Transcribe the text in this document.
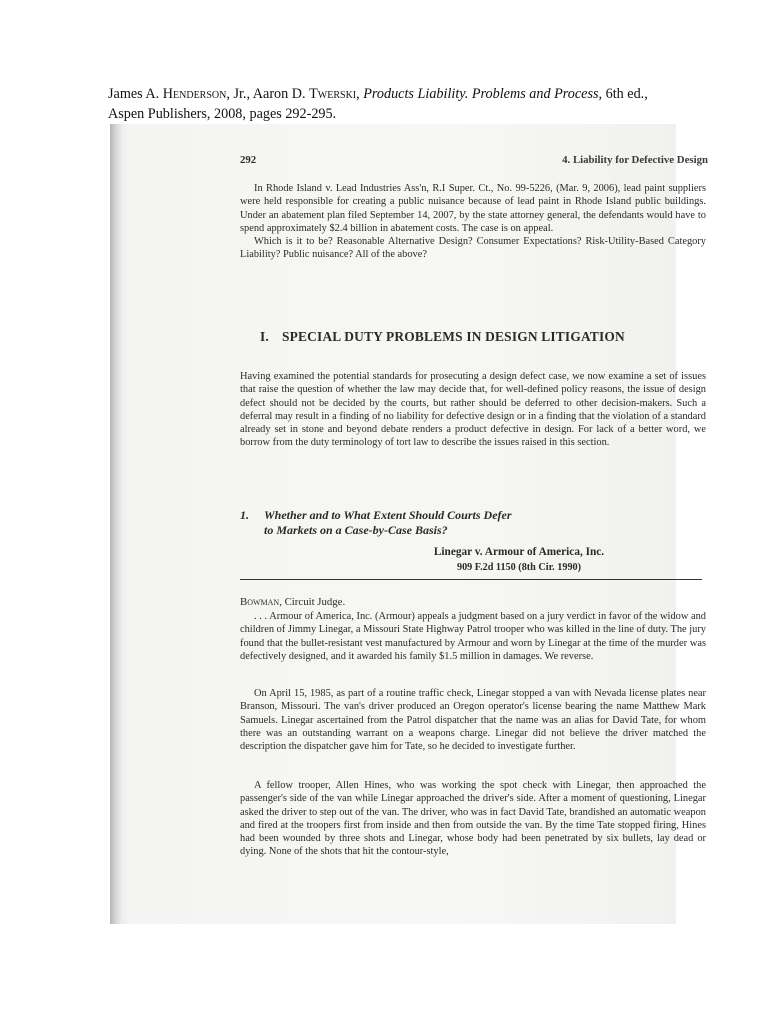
James A. Henderson, Jr., Aaron D. Twerski, Products Liability. Problems and Process, 6th ed.,
Aspen Publishers, 2008, pages 292-295.
292	4. Liability for Defective Design
In Rhode Island v. Lead Industries Ass'n, R.I Super. Ct., No. 99-5226, (Mar. 9, 2006), lead paint suppliers were held responsible for creating a public nuisance because of lead paint in Rhode Island public buildings. Under an abatement plan filed September 14, 2007, by the state attorney general, the defendants would have to spend approximately $2.4 billion in abatement costs. The case is on appeal.
Which is it to be? Reasonable Alternative Design? Consumer Expectations? Risk-Utility-Based Category Liability? Public nuisance? All of the above?
I. SPECIAL DUTY PROBLEMS IN DESIGN LITIGATION
Having examined the potential standards for prosecuting a design defect case, we now examine a set of issues that raise the question of whether the law may decide that, for well-defined policy reasons, the issue of design defect should not be decided by the courts, but rather should be deferred to other decision-makers. Such a deferral may result in a finding of no liability for defective design or in a finding that the violation of a standard already set in stone and beyond debate renders a product defective in design. For lack of a better word, we borrow from the duty terminology of tort law to describe the issues raised in this section.
1. Whether and to What Extent Should Courts Defer
to Markets on a Case-by-Case Basis?
Linegar v. Armour of America, Inc.
909 F.2d 1150 (8th Cir. 1990)
Bowman, Circuit Judge.
. . . Armour of America, Inc. (Armour) appeals a judgment based on a jury verdict in favor of the widow and children of Jimmy Linegar, a Missouri State Highway Patrol trooper who was killed in the line of duty. The jury found that the bullet-resistant vest manufactured by Armour and worn by Linegar at the time of the murder was defectively designed, and it awarded his family $1.5 million in damages. We reverse.
On April 15, 1985, as part of a routine traffic check, Linegar stopped a van with Nevada license plates near Branson, Missouri. The van's driver produced an Oregon operator's license bearing the name Matthew Mark Samuels. Linegar ascertained from the Patrol dispatcher that the name was an alias for David Tate, for whom there was an outstanding warrant on a weapons charge. Linegar did not believe the driver matched the description the dispatcher gave him for Tate, so he decided to investigate further.
A fellow trooper, Allen Hines, who was working the spot check with Linegar, then approached the passenger's side of the van while Linegar approached the driver's side. After a moment of questioning, Linegar asked the driver to step out of the van. The driver, who was in fact David Tate, brandished an automatic weapon and fired at the troopers first from inside and then from outside the van. By the time Tate stopped firing, Hines had been wounded by three shots and Linegar, whose body had been penetrated by six bullets, lay dead or dying. None of the shots that hit the contour-style,
